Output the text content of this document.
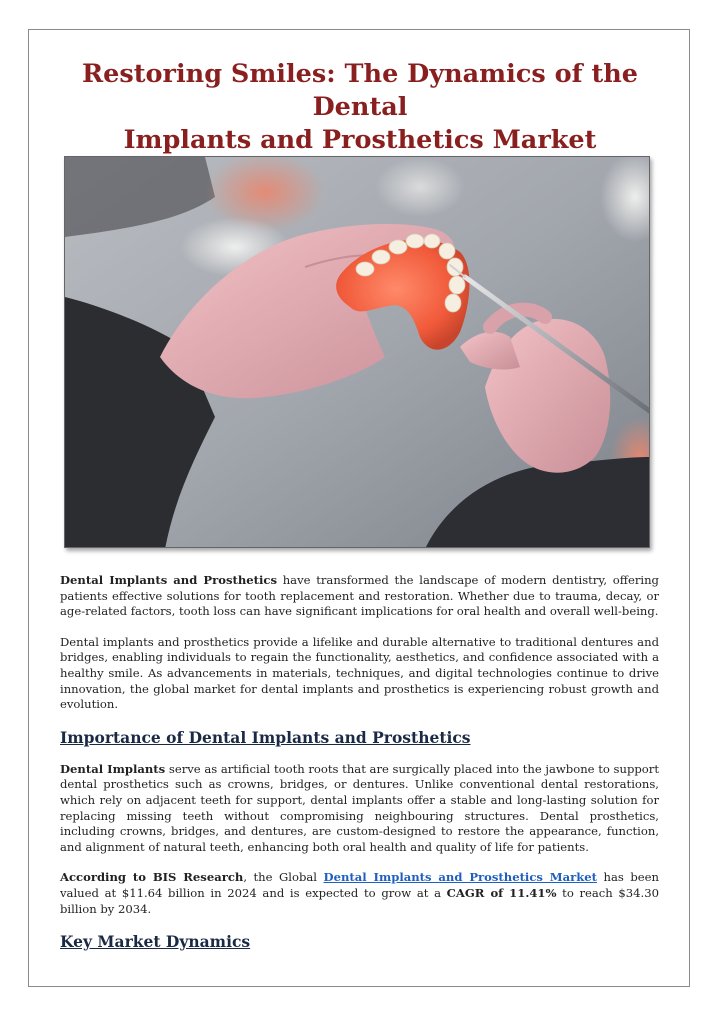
Restoring Smiles: The Dynamics of the Dental
Implants and Prosthetics Market

Dental Implants and Prosthetics have transformed the landscape of modern dentistry, offering patients effective solutions for tooth replacement and restoration. Whether due to trauma, decay, or age-related factors, tooth loss can have significant implications for oral health and overall well-being.

Dental implants and prosthetics provide a lifelike and durable alternative to traditional dentures and bridges, enabling individuals to regain the functionality, aesthetics, and confidence associated with a healthy smile. As advancements in materials, techniques, and digital technologies continue to drive innovation, the global market for dental implants and prosthetics is experiencing robust growth and evolution.

Importance of Dental Implants and Prosthetics

Dental Implants serve as artificial tooth roots that are surgically placed into the jawbone to support dental prosthetics such as crowns, bridges, or dentures. Unlike conventional dental restorations, which rely on adjacent teeth for support, dental implants offer a stable and long-lasting solution for replacing missing teeth without compromising neighbouring structures. Dental prosthetics, including crowns, bridges, and dentures, are custom-designed to restore the appearance, function, and alignment of natural teeth, enhancing both oral health and quality of life for patients.

According to BIS Research, the Global Dental Implants and Prosthetics Market has been valued at $11.64 billion in 2024 and is expected to grow at a CAGR of 11.41% to reach $34.30 billion by 2034.

Key Market Dynamics
